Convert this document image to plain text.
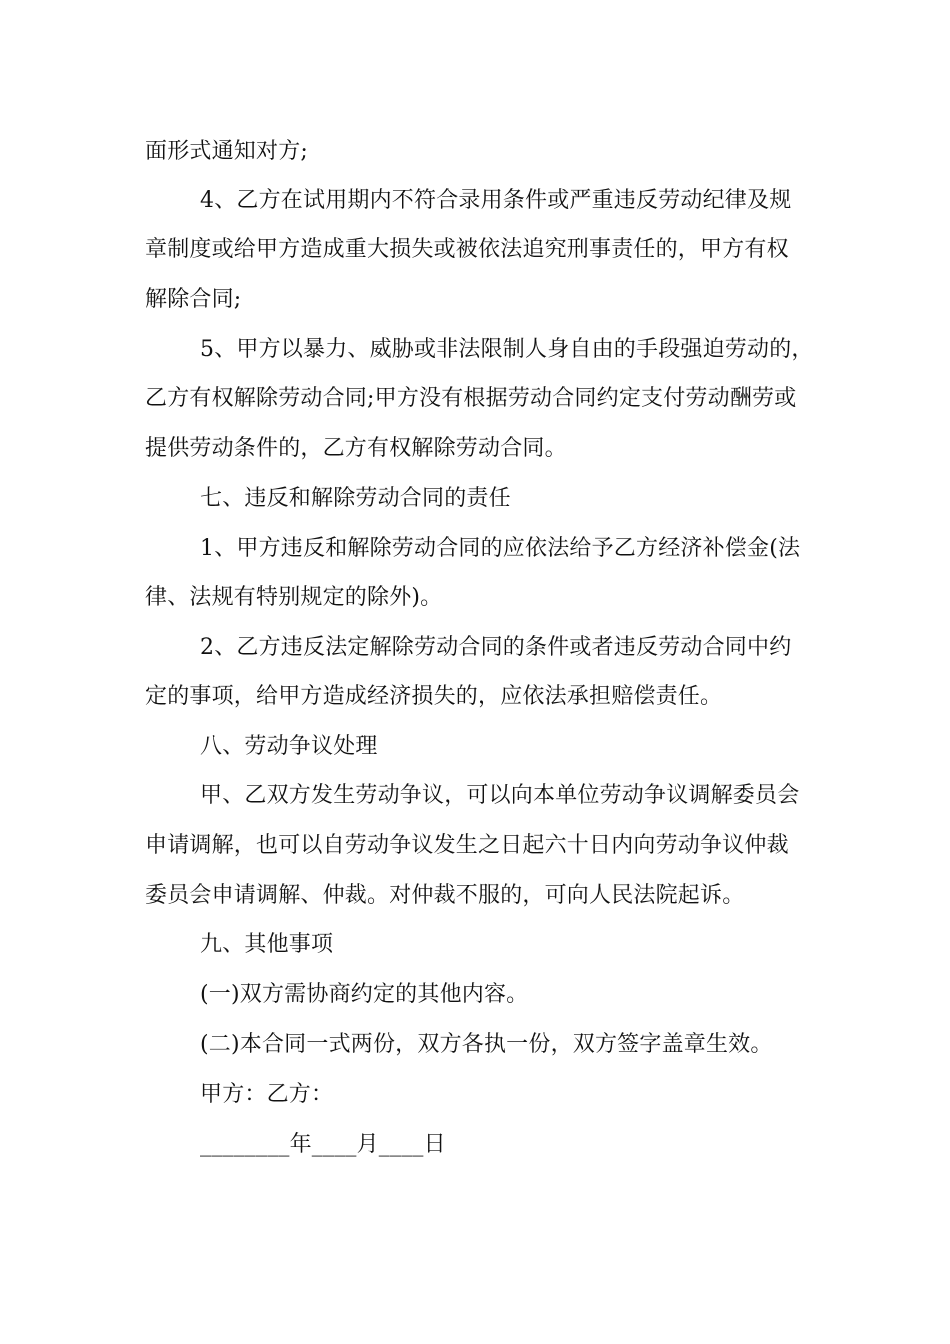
面形式通知对方;
4、乙方在试用期内不符合录用条件或严重违反劳动纪律及规
章制度或给甲方造成重大损失或被依法追究刑事责任的，甲方有权
解除合同;
5、甲方以暴力、威胁或非法限制人身自由的手段强迫劳动的，
乙方有权解除劳动合同;甲方没有根据劳动合同约定支付劳动酬劳或
提供劳动条件的，乙方有权解除劳动合同。
七、违反和解除劳动合同的责任
1、甲方违反和解除劳动合同的应依法给予乙方经济补偿金(法
律、法规有特别规定的除外)。
2、乙方违反法定解除劳动合同的条件或者违反劳动合同中约
定的事项，给甲方造成经济损失的，应依法承担赔偿责任。
八、劳动争议处理
甲、乙双方发生劳动争议，可以向本单位劳动争议调解委员会
申请调解，也可以自劳动争议发生之日起六十日内向劳动争议仲裁
委员会申请调解、仲裁。对仲裁不服的，可向人民法院起诉。
九、其他事项
(一)双方需协商约定的其他内容。
(二)本合同一式两份，双方各执一份，双方签字盖章生效。
甲方：乙方：
________年____月____日
